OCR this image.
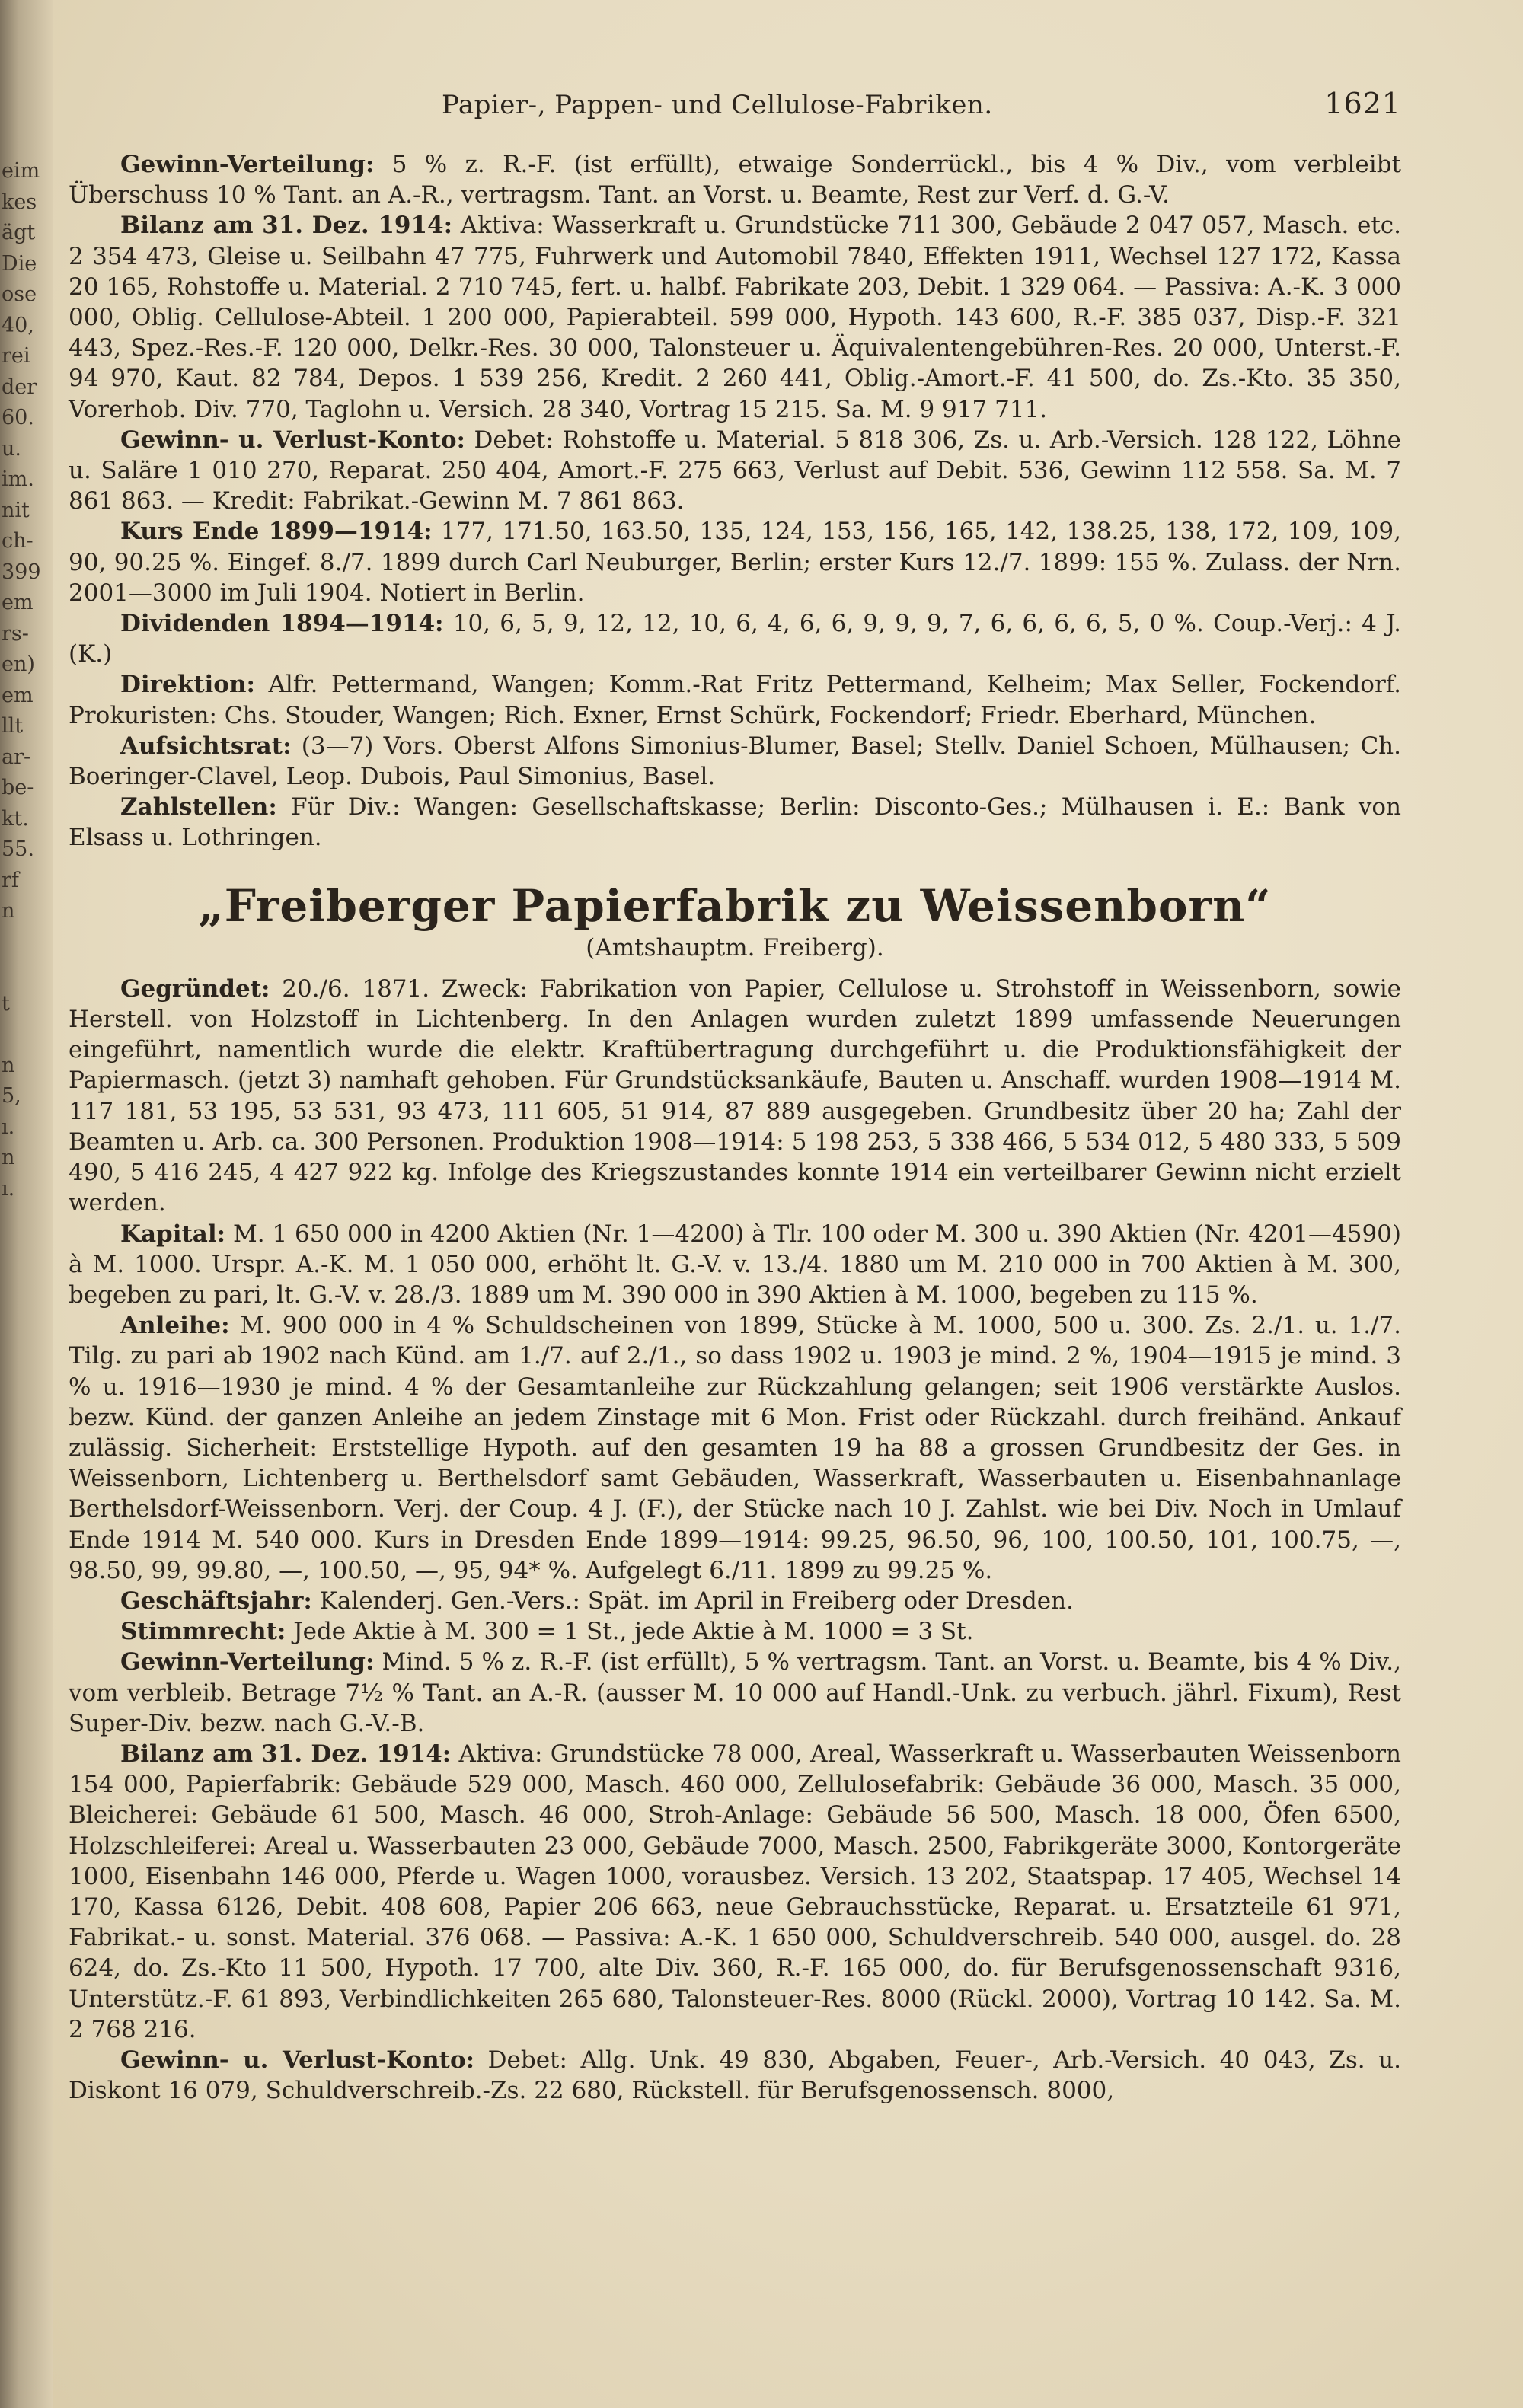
eim
kes
ägt
Die
ose
40,
rei
der
60.
u.
im.
nit
ch-
399
em
rs-
en)
em
llt
ar-
be-
kt.
55.
rf
n

t

n
5,
ı.
n
ı.
Papier-, Pappen- und Cellulose-Fabriken.	1621

Gewinn-Verteilung: 5 % z. R.-F. (ist erfüllt), etwaige Sonderrückl., bis 4 % Div., vom verbleibt Überschuss 10 % Tant. an A.-R., vertragsm. Tant. an Vorst. u. Beamte, Rest zur Verf. d. G.-V.

Bilanz am 31. Dez. 1914: Aktiva: Wasserkraft u. Grundstücke 711 300, Gebäude 2 047 057, Masch. etc. 2 354 473, Gleise u. Seilbahn 47 775, Fuhrwerk und Automobil 7840, Effekten 1911, Wechsel 127 172, Kassa 20 165, Rohstoffe u. Material. 2 710 745, fert. u. halbf. Fabrikate 203, Debit. 1 329 064. — Passiva: A.-K. 3 000 000, Oblig. Cellulose-Abteil. 1 200 000, Papierabteil. 599 000, Hypoth. 143 600, R.-F. 385 037, Disp.-F. 321 443, Spez.-Res.-F. 120 000, Delkr.-Res. 30 000, Talonsteuer u. Äquivalentengebühren-Res. 20 000, Unterst.-F. 94 970, Kaut. 82 784, Depos. 1 539 256, Kredit. 2 260 441, Oblig.-Amort.-F. 41 500, do. Zs.-Kto. 35 350, Vorerhob. Div. 770, Taglohn u. Versich. 28 340, Vortrag 15 215. Sa. M. 9 917 711.

Gewinn- u. Verlust-Konto: Debet: Rohstoffe u. Material. 5 818 306, Zs. u. Arb.-Versich. 128 122, Löhne u. Saläre 1 010 270, Reparat. 250 404, Amort.-F. 275 663, Verlust auf Debit. 536, Gewinn 112 558. Sa. M. 7 861 863. — Kredit: Fabrikat.-Gewinn M. 7 861 863.

Kurs Ende 1899—1914: 177, 171.50, 163.50, 135, 124, 153, 156, 165, 142, 138.25, 138, 172, 109, 109, 90, 90.25 %. Eingef. 8./7. 1899 durch Carl Neuburger, Berlin; erster Kurs 12./7. 1899: 155 %. Zulass. der Nrn. 2001—3000 im Juli 1904. Notiert in Berlin.

Dividenden 1894—1914: 10, 6, 5, 9, 12, 12, 10, 6, 4, 6, 6, 9, 9, 9, 7, 6, 6, 6, 6, 5, 0 %. Coup.-Verj.: 4 J. (K.)

Direktion: Alfr. Pettermand, Wangen; Komm.-Rat Fritz Pettermand, Kelheim; Max Seller, Fockendorf. Prokuristen: Chs. Stouder, Wangen; Rich. Exner, Ernst Schürk, Fockendorf; Friedr. Eberhard, München.

Aufsichtsrat: (3—7) Vors. Oberst Alfons Simonius-Blumer, Basel; Stellv. Daniel Schoen, Mülhausen; Ch. Boeringer-Clavel, Leop. Dubois, Paul Simonius, Basel.

Zahlstellen: Für Div.: Wangen: Gesellschaftskasse; Berlin: Disconto-Ges.; Mülhausen i. E.: Bank von Elsass u. Lothringen.

„Freiberger Papierfabrik zu Weissenborn“

(Amtshauptm. Freiberg).

Gegründet: 20./6. 1871. Zweck: Fabrikation von Papier, Cellulose u. Strohstoff in Weissenborn, sowie Herstell. von Holzstoff in Lichtenberg. In den Anlagen wurden zuletzt 1899 umfassende Neuerungen eingeführt, namentlich wurde die elektr. Kraftübertragung durchgeführt u. die Produktionsfähigkeit der Papiermasch. (jetzt 3) namhaft gehoben. Für Grundstücksankäufe, Bauten u. Anschaff. wurden 1908—1914 M. 117 181, 53 195, 53 531, 93 473, 111 605, 51 914, 87 889 ausgegeben. Grundbesitz über 20 ha; Zahl der Beamten u. Arb. ca. 300 Personen. Produktion 1908—1914: 5 198 253, 5 338 466, 5 534 012, 5 480 333, 5 509 490, 5 416 245, 4 427 922 kg. Infolge des Kriegszustandes konnte 1914 ein verteilbarer Gewinn nicht erzielt werden.

Kapital: M. 1 650 000 in 4200 Aktien (Nr. 1—4200) à Tlr. 100 oder M. 300 u. 390 Aktien (Nr. 4201—4590) à M. 1000. Urspr. A.-K. M. 1 050 000, erhöht lt. G.-V. v. 13./4. 1880 um M. 210 000 in 700 Aktien à M. 300, begeben zu pari, lt. G.-V. v. 28./3. 1889 um M. 390 000 in 390 Aktien à M. 1000, begeben zu 115 %.

Anleihe: M. 900 000 in 4 % Schuldscheinen von 1899, Stücke à M. 1000, 500 u. 300. Zs. 2./1. u. 1./7. Tilg. zu pari ab 1902 nach Künd. am 1./7. auf 2./1., so dass 1902 u. 1903 je mind. 2 %, 1904—1915 je mind. 3 % u. 1916—1930 je mind. 4 % der Gesamtanleihe zur Rückzahlung gelangen; seit 1906 verstärkte Auslos. bezw. Künd. der ganzen Anleihe an jedem Zinstage mit 6 Mon. Frist oder Rückzahl. durch freihänd. Ankauf zulässig. Sicherheit: Erststellige Hypoth. auf den gesamten 19 ha 88 a grossen Grundbesitz der Ges. in Weissenborn, Lichtenberg u. Berthelsdorf samt Gebäuden, Wasserkraft, Wasserbauten u. Eisenbahnanlage Berthelsdorf-Weissenborn. Verj. der Coup. 4 J. (F.), der Stücke nach 10 J. Zahlst. wie bei Div. Noch in Umlauf Ende 1914 M. 540 000. Kurs in Dresden Ende 1899—1914: 99.25, 96.50, 96, 100, 100.50, 101, 100.75, —, 98.50, 99, 99.80, —, 100.50, —, 95, 94* %. Aufgelegt 6./11. 1899 zu 99.25 %.

Geschäftsjahr: Kalenderj. Gen.-Vers.: Spät. im April in Freiberg oder Dresden.

Stimmrecht: Jede Aktie à M. 300 = 1 St., jede Aktie à M. 1000 = 3 St.

Gewinn-Verteilung: Mind. 5 % z. R.-F. (ist erfüllt), 5 % vertragsm. Tant. an Vorst. u. Beamte, bis 4 % Div., vom verbleib. Betrage 7½ % Tant. an A.-R. (ausser M. 10 000 auf Handl.-Unk. zu verbuch. jährl. Fixum), Rest Super-Div. bezw. nach G.-V.-B.

Bilanz am 31. Dez. 1914: Aktiva: Grundstücke 78 000, Areal, Wasserkraft u. Wasserbauten Weissenborn 154 000, Papierfabrik: Gebäude 529 000, Masch. 460 000, Zellulosefabrik: Gebäude 36 000, Masch. 35 000, Bleicherei: Gebäude 61 500, Masch. 46 000, Stroh-Anlage: Gebäude 56 500, Masch. 18 000, Öfen 6500, Holzschleiferei: Areal u. Wasserbauten 23 000, Gebäude 7000, Masch. 2500, Fabrikgeräte 3000, Kontorgeräte 1000, Eisenbahn 146 000, Pferde u. Wagen 1000, vorausbez. Versich. 13 202, Staatspap. 17 405, Wechsel 14 170, Kassa 6126, Debit. 408 608, Papier 206 663, neue Gebrauchsstücke, Reparat. u. Ersatzteile 61 971, Fabrikat.- u. sonst. Material. 376 068. — Passiva: A.-K. 1 650 000, Schuldverschreib. 540 000, ausgel. do. 28 624, do. Zs.-Kto 11 500, Hypoth. 17 700, alte Div. 360, R.-F. 165 000, do. für Berufsgenossenschaft 9316, Unterstütz.-F. 61 893, Verbindlichkeiten 265 680, Talonsteuer-Res. 8000 (Rückl. 2000), Vortrag 10 142. Sa. M. 2 768 216.

Gewinn- u. Verlust-Konto: Debet: Allg. Unk. 49 830, Abgaben, Feuer-, Arb.-Versich. 40 043, Zs. u. Diskont 16 079, Schuldverschreib.-Zs. 22 680, Rückstell. für Berufsgenossensch. 8000,
